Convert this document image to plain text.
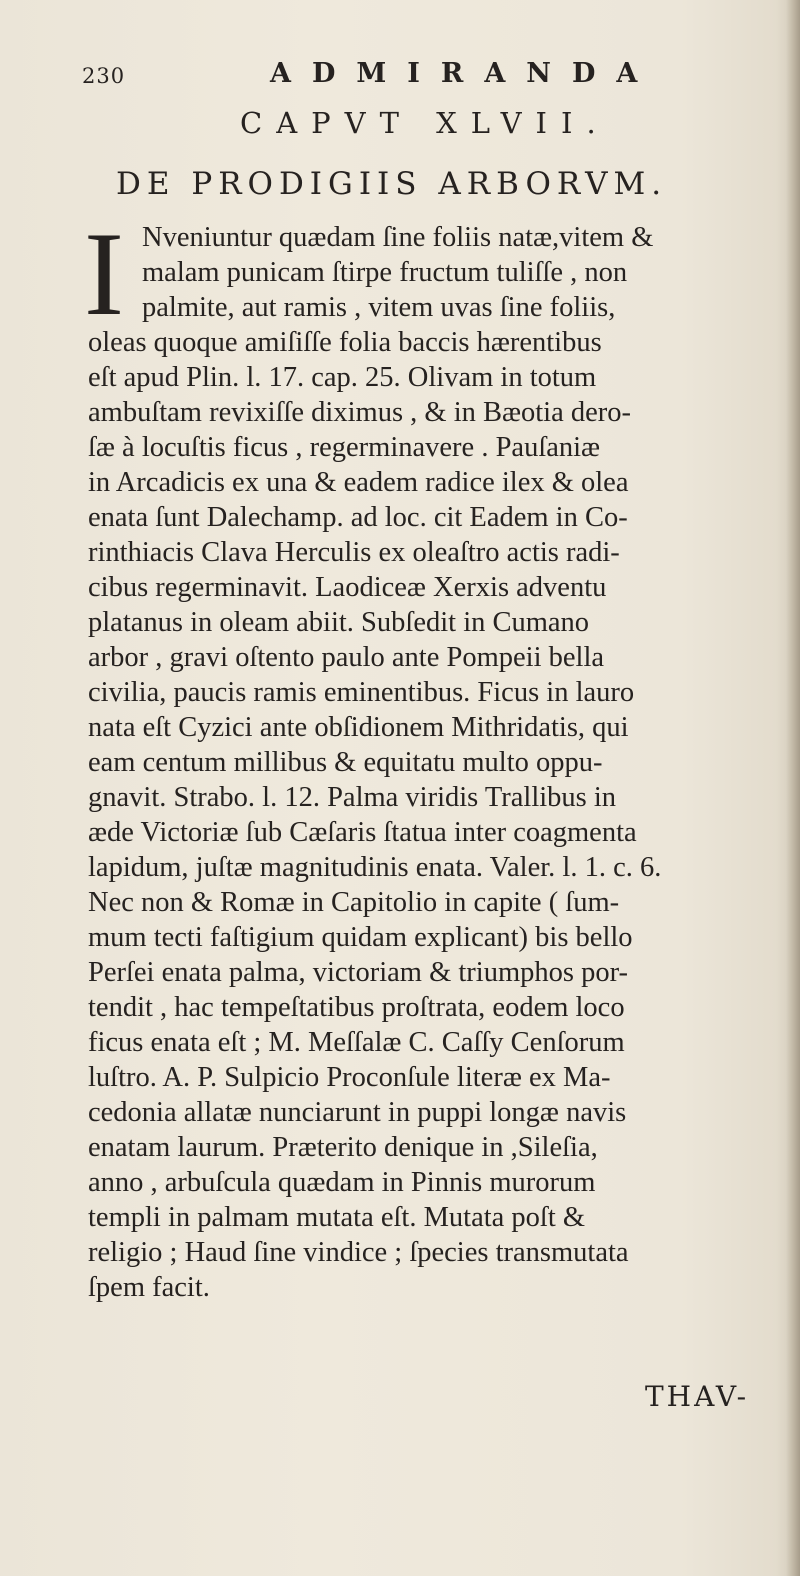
230	ADMIRANDA
CAPVT XLVII.
DE PRODIGIIS ARBORVM.
I Nveniuntur quædam ſine foliis natæ,vitem &
malam punicam ſtirpe fructum tuliſſe , non
palmite, aut ramis , vitem uvas ſine foliis,
oleas quoque amiſiſſe folia baccis hærentibus
eſt apud Plin. l. 17. cap. 25. Olivam in totum
ambuſtam revixiſſe diximus , & in Bæotia dero-
ſæ à locuſtis ficus , regerminavere . Pauſaniæ
in Arcadicis ex una & eadem radice ilex & olea
enata ſunt Dalechamp. ad loc. cit Eadem in Co-
rinthiacis Clava Herculis ex oleaſtro actis radi-
cibus regerminavit. Laodiceæ Xerxis adventu
platanus in oleam abiit. Subſedit in Cumano
arbor , gravi oſtento paulo ante Pompeii bella
civilia, paucis ramis eminentibus. Ficus in lauro
nata eſt Cyzici ante obſidionem Mithridatis, qui
eam centum millibus & equitatu multo oppu-
gnavit. Strabo. l. 12. Palma viridis Trallibus in
æde Victoriæ ſub Cæſaris ſtatua inter coagmenta
lapidum, juſtæ magnitudinis enata. Valer. l. 1. c. 6.
Nec non & Romæ in Capitolio in capite ( ſum-
mum tecti faſtigium quidam explicant) bis bello
Perſei enata palma, victoriam & triumphos por-
tendit , hac tempeſtatibus proſtrata, eodem loco
ficus enata eſt ; M. Meſſalæ C. Caſſy Cenſorum
luſtro. A. P. Sulpicio Proconſule literæ ex Ma-
cedonia allatæ nunciarunt in puppi longæ navis
enatam laurum. Præterito denique in ,Sileſia,
anno , arbuſcula quædam in Pinnis murorum
templi in palmam mutata eſt. Mutata poſt &
religio ; Haud ſine vindice ; ſpecies transmutata
ſpem facit.
THAV-
